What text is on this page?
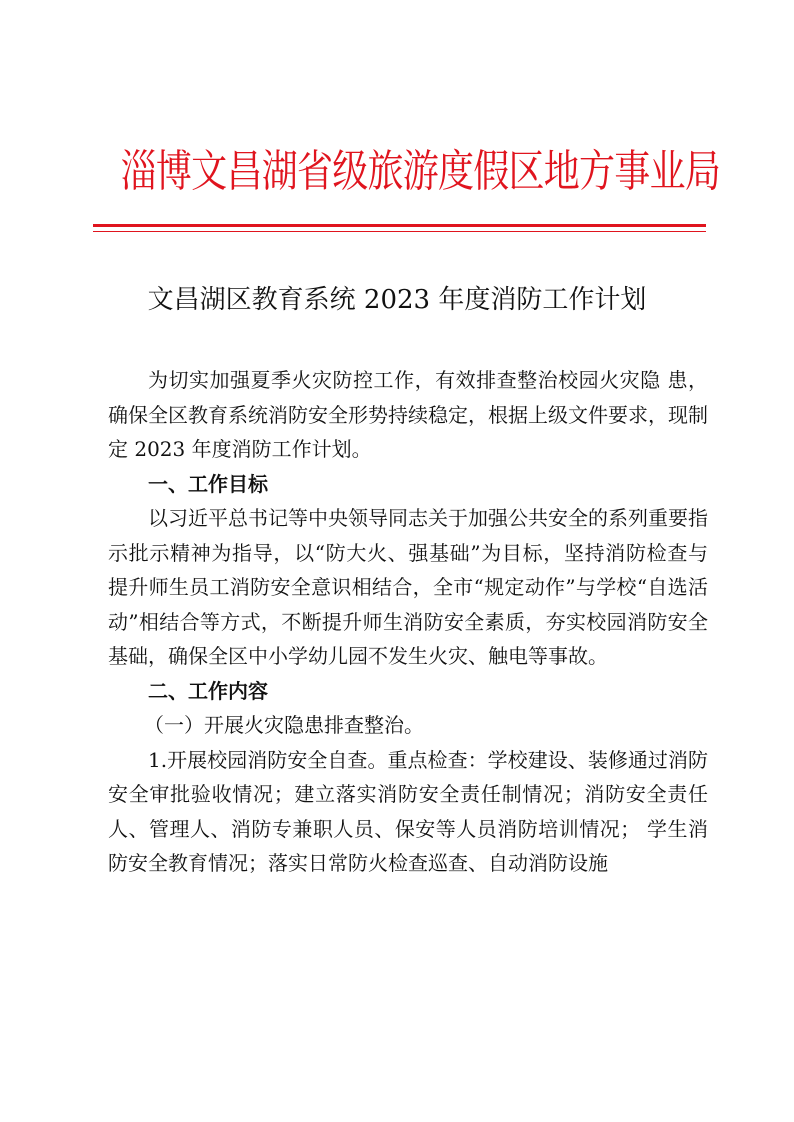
淄博文昌湖省级旅游度假区地方事业局
文昌湖区教育系统 2023 年度消防工作计划

为切实加强夏季火灾防控工作，有效排查整治校园火灾隐 患，确保全区教育系统消防安全形势持续稳定，根据上级文件要求，现制定 2023 年度消防工作计划。

一、工作目标

以习近平总书记等中央领导同志关于加强公共安全的系列重要指示批示精神为指导，以“防大火、强基础”为目标，坚持消防检查与提升师生员工消防安全意识相结合，全市“规定动作”与学校“自选活动”相结合等方式，不断提升师生消防安全素质，夯实校园消防安全基础，确保全区中小学幼儿园不发生火灾、触电等事故。

二、工作内容

（一）开展火灾隐患排查整治。

1.开展校园消防安全自查。重点检查：学校建设、装修通过消防安全审批验收情况；建立落实消防安全责任制情况；消防安全责任人、管理人、消防专兼职人员、保安等人员消防培训情况； 学生消防安全教育情况；落实日常防火检查巡查、自动消防设施
